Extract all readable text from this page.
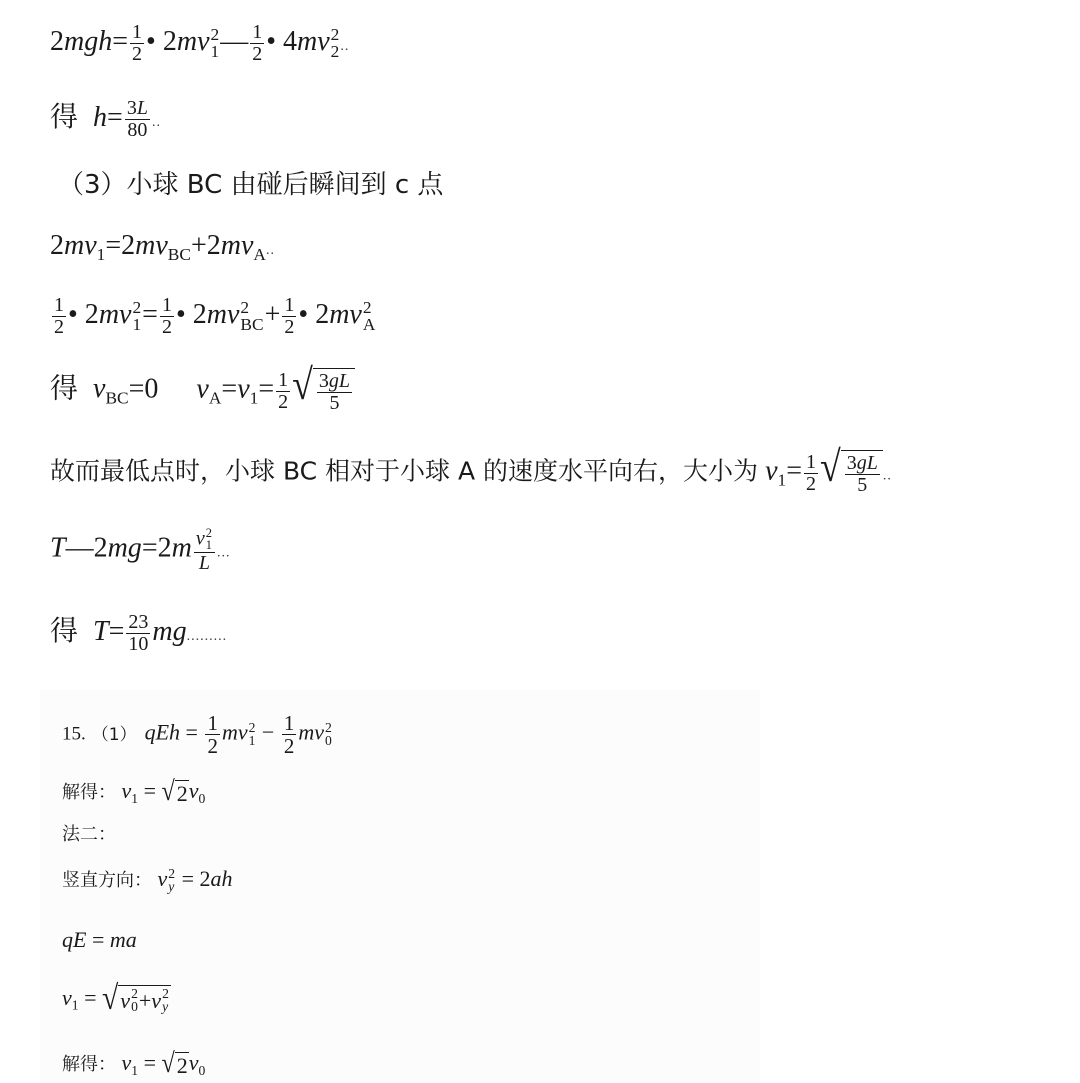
$2mgh= \frac{1}{2}$ • 2mv 2
1 — $\frac{1}{2}$ • 4mv 2
2 ..
得 $h= \frac{3L}{80}$ ..
（3）小球 BC 由碰后瞬间到 c 点
$2mv_1=2mv_{BC}+2mv_A$..
$\frac{1}{2}$ • 2mv 2
$1 = \frac{1}{2}$ • 2mv 2
BC + $\frac{1}{2}$ • 2mv 2
A
得 $v_{BC}=0$  $v_A=v_1= \frac{1}{2}$ √ $\frac{3gL}{5}$
故而最低点时，小球 BC 相对于小球 A 的速度水平向右，大小为 $v_1= \frac{1}{2}$ √ $\frac{3gL}{5}$ ..
T—2mg=2m v 2
1
L ...
得 $T= \frac{23}{10}$ mg.........
15. （1） qEh = $\frac{1}{2}$ mv 2
$1 - \frac{1}{2}$ mv 2
0
解得： $v_1$ = √ 2 $v_0$
法二：
竖直方向： v 2
y = 2ah
qE = ma
$v_1$ = √ v 2
0 + v 2
y
解得： $v_1$ = √ 2 $v_0$
